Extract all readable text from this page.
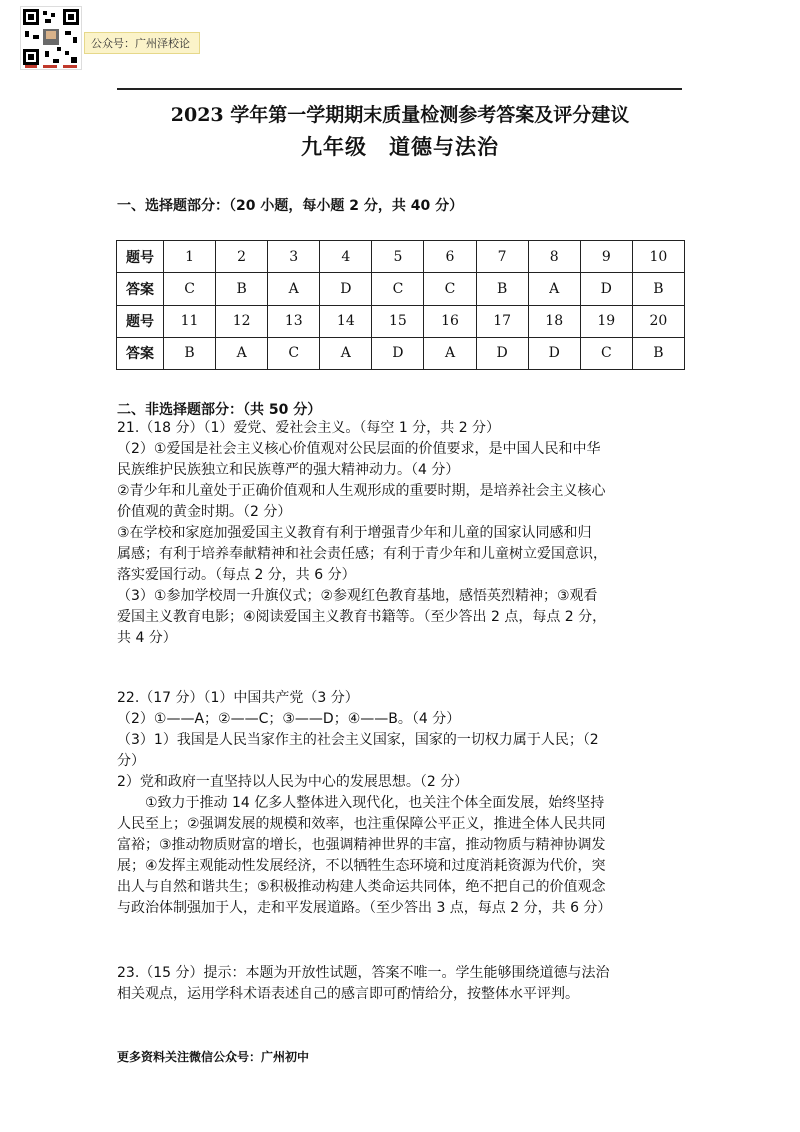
公众号：广州泽校论
2023 学年第一学期期末质量检测参考答案及评分建议
九年级　道德与法治
一、选择题部分：（20 小题，每小题 2 分，共 40 分）
题号	1	2	3	4	5	6	7	8	9	10
答案	C	B	A	D	C	C	B	A	D	B
题号	11	12	13	14	15	16	17	18	19	20
答案	B	A	C	A	D	A	D	D	C	B
二、非选择题部分：（共 50 分）

21.（18 分）（1）爱党、爱社会主义。（每空 1 分，共 2 分）

（2）①爱国是社会主义核心价值观对公民层面的价值要求，是中国人民和中华

民族维护民族独立和民族尊严的强大精神动力。（4 分）

②青少年和儿童处于正确价值观和人生观形成的重要时期，是培养社会主义核心

价值观的黄金时期。（2 分）

③在学校和家庭加强爱国主义教育有利于增强青少年和儿童的国家认同感和归

属感；有利于培养奉献精神和社会责任感；有利于青少年和儿童树立爱国意识，

落实爱国行动。（每点 2 分，共 6 分）

（3）①参加学校周一升旗仪式；②参观红色教育基地，感悟英烈精神；③观看

爱国主义教育电影；④阅读爱国主义教育书籍等。（至少答出 2 点，每点 2 分，

共 4 分）

22.（17 分）（1）中国共产党（3 分）

（2）①——A；②——C；③——D；④——B。（4 分）

（3）1）我国是人民当家作主的社会主义国家，国家的一切权力属于人民；（2

分）

2）党和政府一直坚持以人民为中心的发展思想。（2 分）

①致力于推动 14 亿多人整体进入现代化，也关注个体全面发展，始终坚持

人民至上；②强调发展的规模和效率，也注重保障公平正义，推进全体人民共同

富裕；③推动物质财富的增长，也强调精神世界的丰富，推动物质与精神协调发

展；④发挥主观能动性发展经济，不以牺牲生态环境和过度消耗资源为代价，突

出人与自然和谐共生；⑤积极推动构建人类命运共同体，绝不把自己的价值观念

与政治体制强加于人，走和平发展道路。（至少答出 3 点，每点 2 分，共 6 分）

23.（15 分）提示：本题为开放性试题，答案不唯一。学生能够围绕道德与法治

相关观点，运用学科术语表述自己的感言即可酌情给分，按整体水平评判。

更多资料关注微信公众号：广州初中
